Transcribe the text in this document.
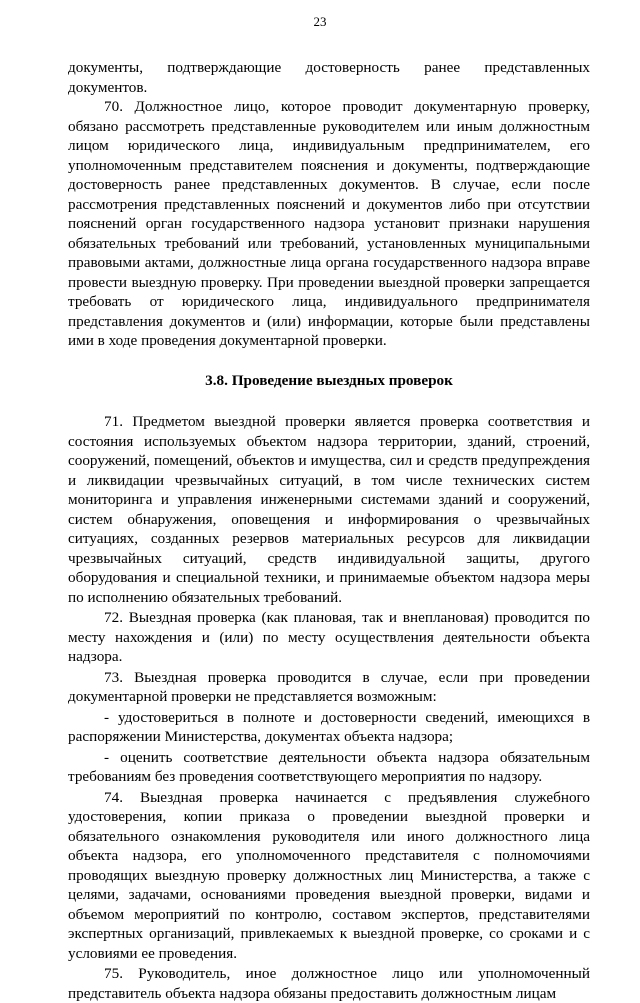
23

документы, подтверждающие достоверность ранее представленных документов.

70. Должностное лицо, которое проводит документарную проверку, обязано рассмотреть представленные руководителем или иным должностным лицом юридического лица, индивидуальным предпринимателем, его уполномоченным представителем пояснения и документы, подтверждающие достоверность ранее представленных документов. В случае, если после рассмотрения представленных пояснений и документов либо при отсутствии пояснений орган государственного надзора установит признаки нарушения обязательных требований или требований, установленных муниципальными правовыми актами, должностные лица органа государственного надзора вправе провести выездную проверку. При проведении выездной проверки запрещается требовать от юридического лица, индивидуального предпринимателя представления документов и (или) информации, которые были представлены ими в ходе проведения документарной проверки.

3.8. Проведение выездных проверок

71. Предметом выездной проверки является проверка соответствия и состояния используемых объектом надзора территории, зданий, строений, сооружений, помещений, объектов и имущества, сил и средств предупреждения и ликвидации чрезвычайных ситуаций, в том числе технических систем мониторинга и управления инженерными системами зданий и сооружений, систем обнаружения, оповещения и информирования о чрезвычайных ситуациях, созданных резервов материальных ресурсов для ликвидации чрезвычайных ситуаций, средств индивидуальной защиты, другого оборудования и специальной техники, и принимаемые объектом надзора меры по исполнению обязательных требований.

72. Выездная проверка (как плановая, так и внеплановая) проводится по месту нахождения и (или) по месту осуществления деятельности объекта надзора.

73. Выездная проверка проводится в случае, если при проведении документарной проверки не представляется возможным:

- удостовериться в полноте и достоверности сведений, имеющихся в распоряжении Министерства, документах объекта надзора;

- оценить соответствие деятельности объекта надзора обязательным требованиям без проведения соответствующего мероприятия по надзору.

74. Выездная проверка начинается с предъявления служебного удостоверения, копии приказа о проведении выездной проверки и обязательного ознакомления руководителя или иного должностного лица объекта надзора, его уполномоченного представителя с полномочиями проводящих выездную проверку должностных лиц Министерства, а также с целями, задачами, основаниями проведения выездной проверки, видами и объемом мероприятий по контролю, составом экспертов, представителями экспертных организаций, привлекаемых к выездной проверке, со сроками и с условиями ее проведения.

75. Руководитель, иное должностное лицо или уполномоченный представитель объекта надзора обязаны предоставить должностным лицам
